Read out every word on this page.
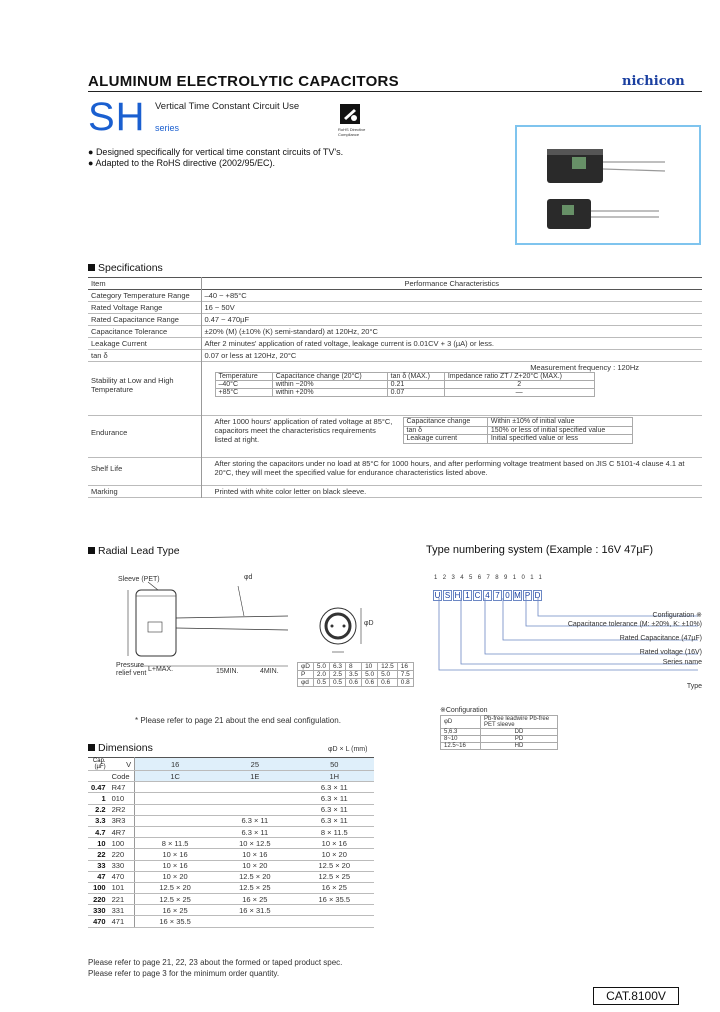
ALUMINUM ELECTROLYTIC CAPACITORS	nichicon
SH Vertical Time Constant Circuit Use
series	RoHS Directive Compliance
● Designed specifically for vertical time constant circuits of TV's.
● Adapted to the RoHS directive (2002/95/EC).
Specifications
Item	Performance Characteristics
Category Temperature Range	–40 ~ +85°C
Rated Voltage Range	16 ~ 50V
Rated Capacitance Range	0.47 ~ 470µF
Capacitance Tolerance	±20% (M) (±10% (K) semi-standard) at 120Hz, 20°C
Leakage Current	After 2 minutes' application of rated voltage, leakage current is 0.01CV + 3 (µA) or less.
tan δ	0.07 or less at 120Hz, 20°C
Stability at Low and High Temperature	
Measurement frequency : 120Hz
Temperature	Capacitance change (20°C)	tan δ (MAX.)	Impedance ratio ZT / Z+20°C (MAX.)
–40°C	within −20%	0.21	2
+85°C	within +20%	0.07	—

Endurance	
After 1000 hours' application of rated voltage at 85°C, capacitors meet the characteristics requirements listed at right.
Capacitance change	Within ±10% of initial value
tan δ	150% or less of initial specified value
Leakage current	Initial specified value or less

Shelf Life	After storing the capacitors under no load at 85°C for 1000 hours, and after performing voltage treatment based on JIS C 5101-4 clause 4.1 at 20°C, they will meet the specified value for endurance characteristics listed above.
Marking	Printed with white color letter on black sleeve.
Radial Lead Type
Sleeve (PET)	φd
Pressure relief vent
L+MAX.	15MIN.	4MIN.
φD
φD	5.0	6.3	8	10	12.5	16
P	2.0	2.5	3.5	5.0	5.0	7.5
φd	0.5	0.5	0.6	0.6	0.6	0.8
* Please refer to page 21 about the end seal configulation.
Type numbering system (Example : 16V 47µF)
1234567891011
U S H 1 C 4 7 0 M P D
Configuration ※
Capacitance tolerance (M: ±20%, K: ±10%)
Rated Capacitance (47µF)
Rated voltage (16V)
Series name
Type
※Configuration
φD	Pb-free leadwire Pb-free PET sleeve
5,6.3	DD
8~10	PD
12.5~16	HD
Dimensions	φD × L (mm)
Cap.(µF)	V	16	25	50
	Code	1C	1E	1H
0.47	R47			6.3 × 11
1	010			6.3 × 11
2.2	2R2			6.3 × 11
3.3	3R3		6.3 × 11	6.3 × 11
4.7	4R7		6.3 × 11	8 × 11.5
10	100	8 × 11.5	10 × 12.5	10 × 16
22	220	10 × 16	10 × 16	10 × 20
33	330	10 × 16	10 × 20	12.5 × 20
47	470	10 × 20	12.5 × 20	12.5 × 25
100	101	12.5 × 20	12.5 × 25	16 × 25
220	221	12.5 × 25	16 × 25	16 × 35.5
330	331	16 × 25	16 × 31.5	
470	471	16 × 35.5		
Please refer to page 21, 22, 23 about the formed or taped product spec.
Please refer to page 3 for the minimum order quantity.
CAT.8100V
